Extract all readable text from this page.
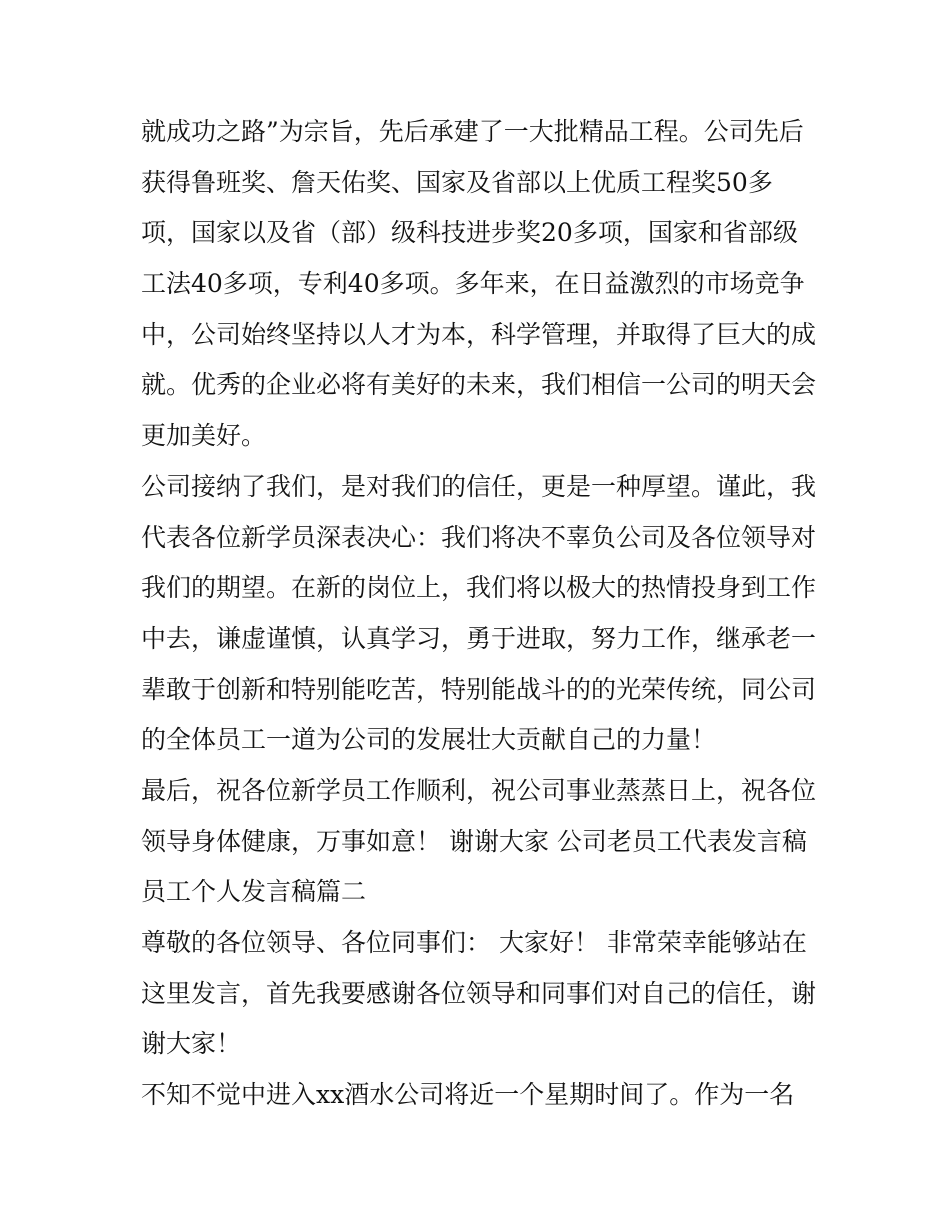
就成功之路”为宗旨，先后承建了一大批精品工程。公司先后
获得鲁班奖、詹天佑奖、国家及省部以上优质工程奖50多
项，国家以及省（部）级科技进步奖20多项，国家和省部级
工法40多项，专利40多项。多年来，在日益激烈的市场竞争
中，公司始终坚持以人才为本，科学管理，并取得了巨大的成
就。优秀的企业必将有美好的未来，我们相信一公司的明天会
更加美好。
公司接纳了我们，是对我们的信任，更是一种厚望。谨此，我
代表各位新学员深表决心：我们将决不辜负公司及各位领导对
我们的期望。在新的岗位上，我们将以极大的热情投身到工作
中去，谦虚谨慎，认真学习，勇于进取，努力工作，继承老一
辈敢于创新和特别能吃苦，特别能战斗的的光荣传统，同公司
的全体员工一道为公司的发展壮大贡献自己的力量！
最后，祝各位新学员工作顺利，祝公司事业蒸蒸日上，祝各位
领导身体健康，万事如意！ 谢谢大家 公司老员工代表发言稿
员工个人发言稿篇二
尊敬的各位领导、各位同事们： 大家好！ 非常荣幸能够站在
这里发言，首先我要感谢各位领导和同事们对自己的信任，谢
谢大家！
不知不觉中进入xx酒水公司将近一个星期时间了。作为一名
